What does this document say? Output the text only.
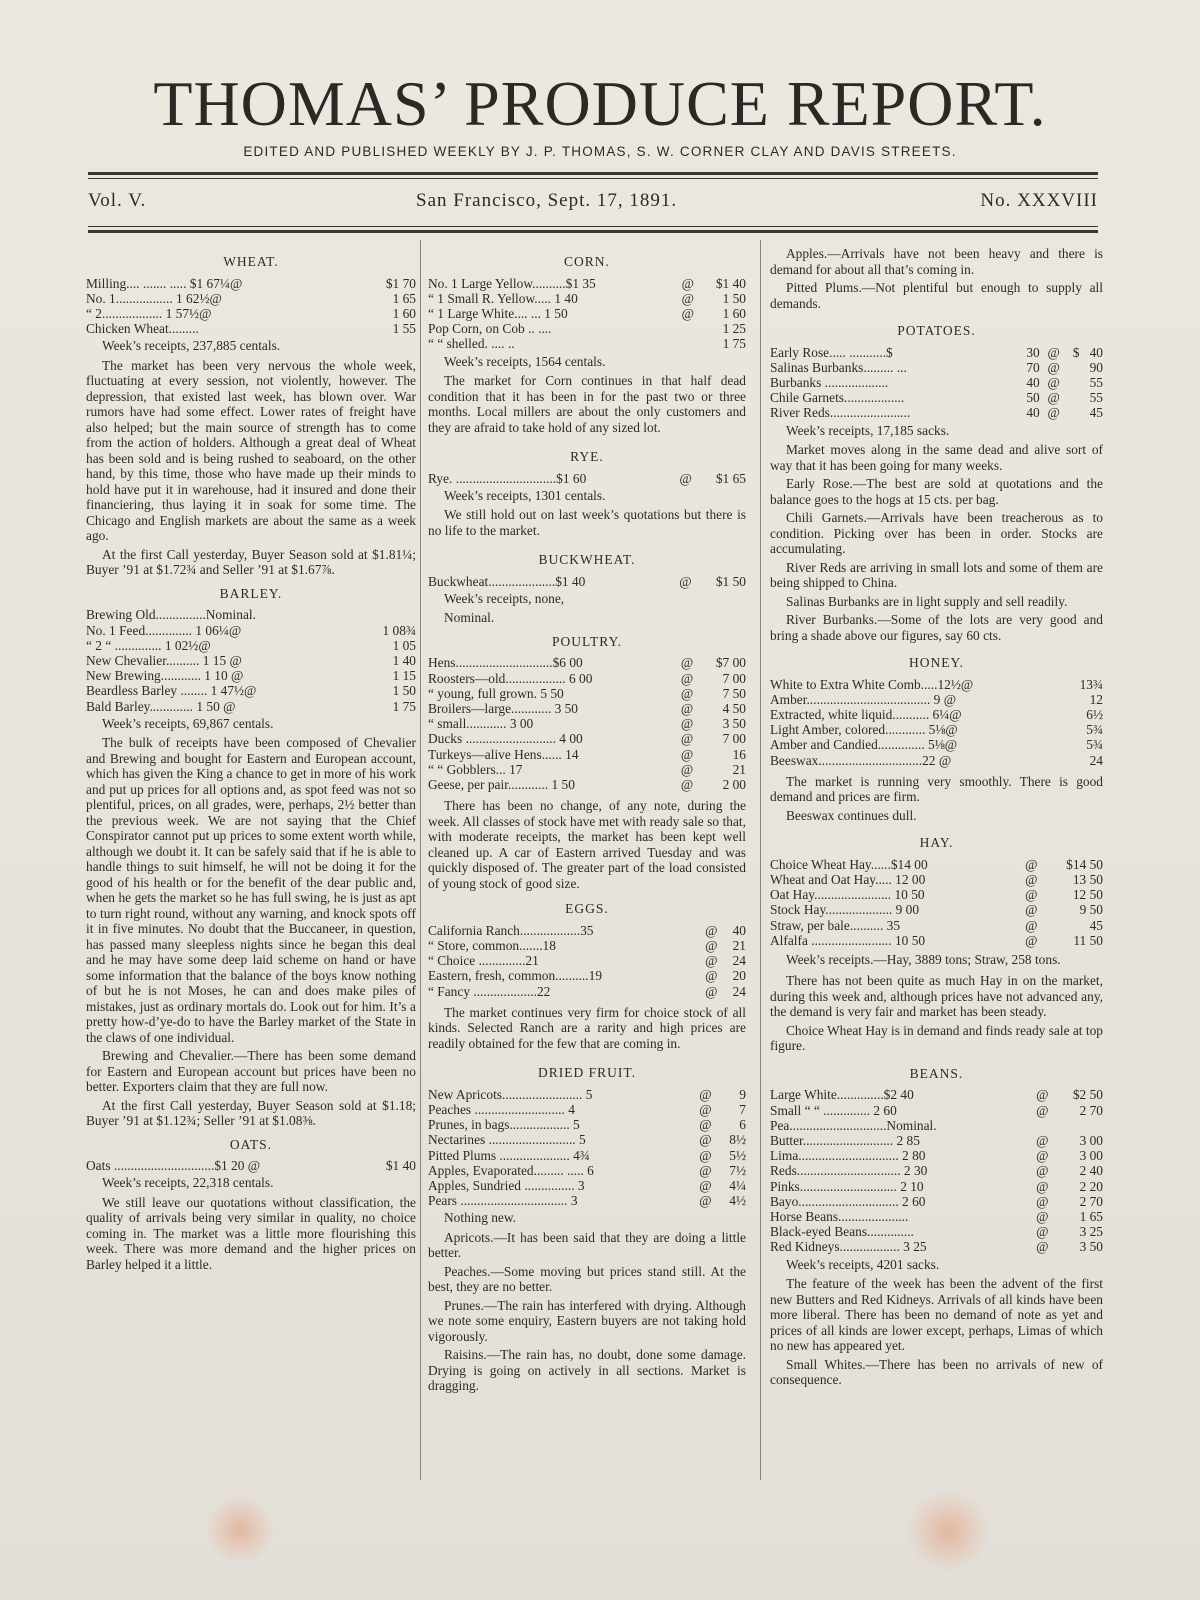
THOMAS’ PRODUCE REPORT.
EDITED AND PUBLISHED WEEKLY BY J. P. THOMAS, S. W. CORNER CLAY AND DAVIS STREETS.
Vol. V.	San Francisco, Sept. 17, 1891.	No. XXXVIII
WHEAT.
Milling.... ....... ..... $1 67¼@	$1 70
No. 1................. 1 62½@	1 65
“ 2.................. 1 57½@	1 60
Chicken Wheat.........	1 55
Week’s receipts, 237,885 centals.

The market has been very nervous the whole week, fluctuating at every session, not violently, however. The depression, that existed last week, has blown over. War rumors have had some effect. Lower rates of freight have also helped; but the main source of strength has to come from the action of holders. Although a great deal of Wheat has been sold and is being rushed to seaboard, on the other hand, by this time, those who have made up their minds to hold have put it in warehouse, had it insured and done their financiering, thus laying it in soak for some time. The Chicago and English markets are about the same as a week ago.

At the first Call yesterday, Buyer Season sold at $1.81¼; Buyer ’91 at $1.72¾ and Seller ’91 at $1.67⅞.

BARLEY.
Brewing Old...............Nominal.	
No. 1 Feed.............. 1 06¼@	1 08¾
“ 2 “ .............. 1 02½@	1 05
New Chevalier.......... 1 15 @	1 40
New Brewing............ 1 10 @	1 15
Beardless Barley ........ 1 47½@	1 50
Bald Barley............. 1 50 @	1 75
Week’s receipts, 69,867 centals.

The bulk of receipts have been composed of Chevalier and Brewing and bought for Eastern and European account, which has given the King a chance to get in more of his work and put up prices for all options and, as spot feed was not so plentiful, prices, on all grades, were, perhaps, 2½ better than the previous week. We are not saying that the Chief Conspirator cannot put up prices to some extent worth while, although we doubt it. It can be safely said that if he is able to handle things to suit himself, he will not be doing it for the good of his health or for the benefit of the dear public and, when he gets the market so he has full swing, he is just as apt to turn right round, without any warning, and knock spots off it in five minutes. No doubt that the Buccaneer, in question, has passed many sleepless nights since he began this deal and he may have some deep laid scheme on hand or have some information that the balance of the boys know nothing of but he is not Moses, he can and does make piles of mistakes, just as ordinary mortals do. Look out for him. It’s a pretty how-d’ye-do to have the Barley market of the State in the claws of one individual.

Brewing and Chevalier.—There has been some demand for Eastern and European account but prices have been no better. Exporters claim that they are full now.

At the first Call yesterday, Buyer Season sold at $1.18; Buyer ’91 at $1.12¾; Seller ’91 at $1.08⅜.

OATS.
Oats ..............................$1 20 @	$1 40
Week’s receipts, 22,318 centals.

We still leave our quotations without classification, the quality of arrivals being very similar in quality, no choice coming in. The market was a little more flourishing this week. There was more demand and the higher prices on Barley helped it a little.

CORN.
No. 1 Large Yellow..........$1 35	@	$1 40
“ 1 Small R. Yellow..... 1 40	@	1 50
“ 1 Large White.... ... 1 50	@	1 60
Pop Corn, on Cob .. ....		1 25
“ “ shelled. .... ..		1 75
Week’s receipts, 1564 centals.

The market for Corn continues in that half dead condition that it has been in for the past two or three months. Local millers are about the only customers and they are afraid to take hold of any sized lot.

RYE.
Rye. ..............................$1 60	@	$1 65
Week’s receipts, 1301 centals.

We still hold out on last week’s quotations but there is no life to the market.

BUCKWHEAT.
Buckwheat....................$1 40	@	$1 50
Week’s receipts, none,
Nominal.
POULTRY.
Hens.............................$6 00	@	$7 00
Roosters—old.................. 6 00	@	7 00
“ young, full grown. 5 50	@	7 50
Broilers—large............ 3 50	@	4 50
“ small............ 3 00	@	3 50
Ducks ........................... 4 00	@	7 00
Turkeys—alive Hens...... 14	@	16
“ “ Gobblers... 17	@	21
Geese, per pair............ 1 50	@	2 00

There has been no change, of any note, during the week. All classes of stock have met with ready sale so that, with moderate receipts, the market has been kept well cleaned up. A car of Eastern arrived Tuesday and was quickly disposed of. The greater part of the load consisted of young stock of good size.

EGGS.
California Ranch..................35	@	40
“ Store, common.......18	@	21
“ Choice ..............21	@	24
Eastern, fresh, common..........19	@	20
“ Fancy ...................22	@	24

The market continues very firm for choice stock of all kinds. Selected Ranch are a rarity and high prices are readily obtained for the few that are coming in.

DRIED FRUIT.
New Apricots........................ 5	@	9
Peaches ........................... 4	@	7
Prunes, in bags.................. 5	@	6
Nectarines .......................... 5	@	8½
Pitted Plums ..................... 4¾	@	5½
Apples, Evaporated......... ..... 6	@	7½
Apples, Sundried ............... 3	@	4¼
Pears ................................ 3	@	4½
Nothing new.

Apricots.—It has been said that they are doing a little better.

Peaches.—Some moving but prices stand still. At the best, they are no better.

Prunes.—The rain has interfered with drying. Although we note some enquiry, Eastern buyers are not taking hold vigorously.

Raisins.—The rain has, no doubt, done some damage. Drying is going on actively in all sections. Market is dragging.

Apples.—Arrivals have not been heavy and there is demand for about all that’s coming in.

Pitted Plums.—Not plentiful but enough to supply all demands.

POTATOES.
Early Rose..... ...........$	30	@	$	40
Salinas Burbanks......... ...	70	@		90
Burbanks ...................	40	@		55
Chile Garnets..................	50	@		55
River Reds........................	40	@		45
Week’s receipts, 17,185 sacks.

Market moves along in the same dead and alive sort of way that it has been going for many weeks.

Early Rose.—The best are sold at quotations and the balance goes to the hogs at 15 cts. per bag.

Chili Garnets.—Arrivals have been treacherous as to condition. Picking over has been in order. Stocks are accumulating.

River Reds are arriving in small lots and some of them are being shipped to China.

Salinas Burbanks are in light supply and sell readily.

River Burbanks.—Some of the lots are very good and bring a shade above our figures, say 60 cts.

HONEY.
White to Extra White Comb.....12½@	13¾
Amber..................................... 9 @	12
Extracted, white liquid........... 6¼@	6½
Light Amber, colored............ 5⅛@	5¾
Amber and Candied.............. 5⅛@	5¾
Beeswax...............................22 @	24

The market is running very smoothly. There is good demand and prices are firm.

Beeswax continues dull.

HAY.
Choice Wheat Hay......$14 00	@	$14 50
Wheat and Oat Hay..... 12 00	@	13 50
Oat Hay....................... 10 50	@	12 50
Stock Hay.................... 9 00	@	9 50
Straw, per bale.......... 35	@	45
Alfalfa ........................ 10 50	@	11 50

Week’s receipts.—Hay, 3889 tons; Straw, 258 tons.

There has not been quite as much Hay in on the market, during this week and, although prices have not advanced any, the demand is very fair and market has been steady.

Choice Wheat Hay is in demand and finds ready sale at top figure.

BEANS.
Large White..............$2 40	@	$2 50
Small “ “ .............. 2 60	@	2 70
Pea.............................Nominal.		
Butter........................... 2 85	@	3 00
Lima.............................. 2 80	@	3 00
Reds............................... 2 30	@	2 40
Pinks............................. 2 10	@	2 20
Bayo.............................. 2 60	@	2 70
Horse Beans.....................	@	1 65
Black-eyed Beans..............	@	3 25
Red Kidneys.................. 3 25	@	3 50
Week’s receipts, 4201 sacks.

The feature of the week has been the advent of the first new Butters and Red Kidneys. Arrivals of all kinds have been more liberal. There has been no demand of note as yet and prices of all kinds are lower except, perhaps, Limas of which no new has appeared yet.

Small Whites.—There has been no arrivals of new of consequence.
